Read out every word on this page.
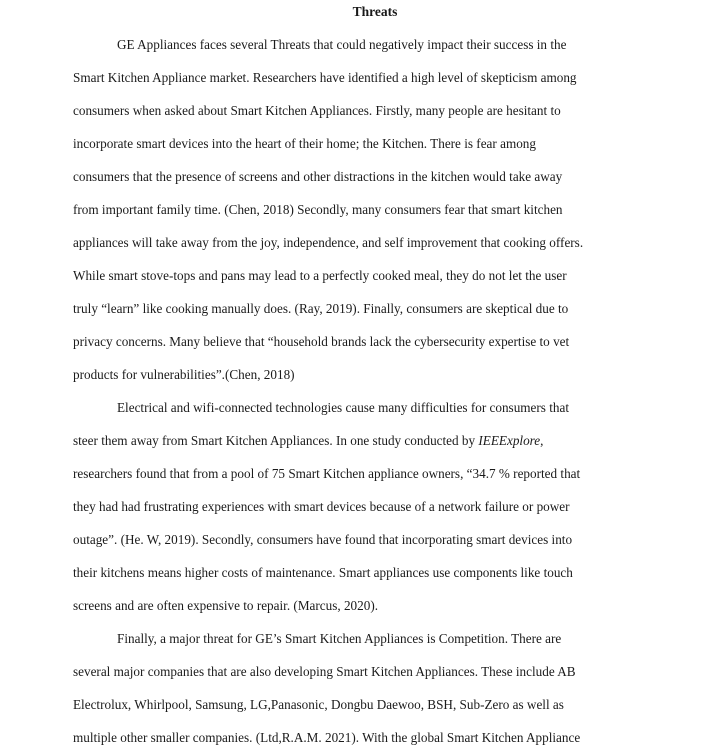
Threats
GE Appliances faces several Threats that could negatively impact their success in the
Smart Kitchen Appliance market. Researchers have identified a high level of skepticism among
consumers when asked about Smart Kitchen Appliances. Firstly, many people are hesitant to
incorporate smart devices into the heart of their home; the Kitchen. There is fear among
consumers that the presence of screens and other distractions in the kitchen would take away
from important family time. (Chen, 2018) Secondly, many consumers fear that smart kitchen
appliances will take away from the joy, independence, and self improvement that cooking offers.
While smart stove-tops and pans may lead to a perfectly cooked meal, they do not let the user
truly “learn” like cooking manually does. (Ray, 2019). Finally, consumers are skeptical due to
privacy concerns. Many believe that “household brands lack the cybersecurity expertise to vet
products for vulnerabilities”.(Chen, 2018)
Electrical and wifi-connected technologies cause many difficulties for consumers that
steer them away from Smart Kitchen Appliances. In one study conducted by IEEExplore,
researchers found that from a pool of 75 Smart Kitchen appliance owners, “34.7 % reported that
they had had frustrating experiences with smart devices because of a network failure or power
outage”. (He. W, 2019). Secondly, consumers have found that incorporating smart devices into
their kitchens means higher costs of maintenance. Smart appliances use components like touch
screens and are often expensive to repair. (Marcus, 2020).
Finally, a major threat for GE’s Smart Kitchen Appliances is Competition. There are
several major companies that are also developing Smart Kitchen Appliances. These include AB
Electrolux, Whirlpool, Samsung, LG,Panasonic, Dongbu Daewoo, BSH, Sub-Zero as well as
multiple other smaller companies. (Ltd,R.A.M. 2021). With the global Smart Kitchen Appliance
